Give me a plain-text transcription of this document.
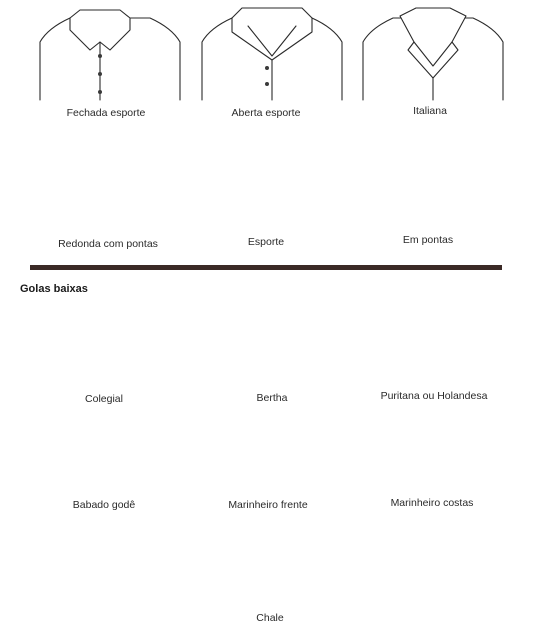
Fechada esporte	Aberta esporte	Italiana
Redonda com pontas	Esporte	Em pontas
Golas baixas
Colegial	Bertha	Puritana ou Holandesa
Babado godê	Marinheiro frente	Marinheiro costas
Chale
